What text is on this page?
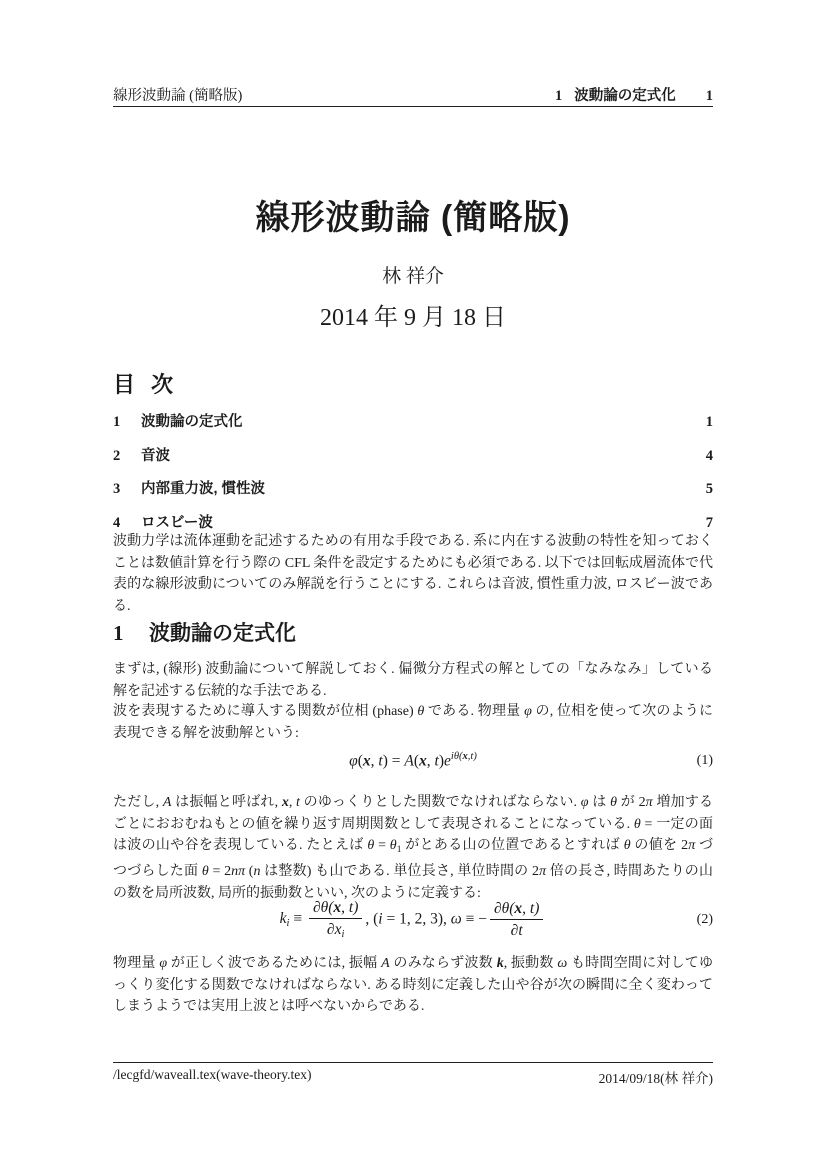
線形波動論 (簡略版)	1 波動論の定式化 1
線形波動論 (簡略版)
林 祥介
2014 年 9 月 18 日
目 次
1	波動論の定式化	1
2	音波	4
3	内部重力波, 慣性波	5
4	ロスビー波	7

波動力学は流体運動を記述するための有用な手段である. 系に内在する波動の特性を知っておくことは数値計算を行う際の CFL 条件を設定するためにも必須である. 以下では回転成層流体で代表的な線形波動についてのみ解説を行うことにする. これらは音波, 慣性重力波, ロスビー波である.

1	波動論の定式化

まずは, (線形) 波動論について解説しておく. 偏微分方程式の解としての「なみなみ」している解を記述する伝統的な手法である.

波を表現するために導入する関数が位相 (phase) θ である. 物理量 φ の, 位相を使って次のように表現できる解を波動解という:

φ(x, t) = A(x, $t)e^{i\theta(x,t)}$	(1)

ただし, A は振幅と呼ばれ, x, t のゆっくりとした関数でなければならない. φ は θ が 2π 増加するごとにおおむねもとの値を繰り返す周期関数として表現されることになっている. θ = 一定の面は波の山や谷を表現している. たとえば $\theta = \theta_1$ がとある山の位置であるとすれば θ の値を 2π づつづらした面 θ = 2nπ (n は整数) も山である. 単位長さ, 単位時間の 2π 倍の長さ, 時間あたりの山の数を局所波数, 局所的振動数といい, 次のように定義する:

$k_i \equiv \frac{\partial\theta(x, t)}{\partial x_i}$ , (i = 1, 2, 3), ω ≡ − $\frac{\partial\theta(x, t)}{\partial t}$	(2)

物理量 φ が正しく波であるためには, 振幅 A のみならず波数 k, 振動数 ω も時間空間に対してゆっくり変化する関数でなければならない. ある時刻に定義した山や谷が次の瞬間に全く変わってしまうようでは実用上波とは呼べないからである.

/lecgfd/waveall.tex(wave-theory.tex)	2014/09/18(林 祥介)
